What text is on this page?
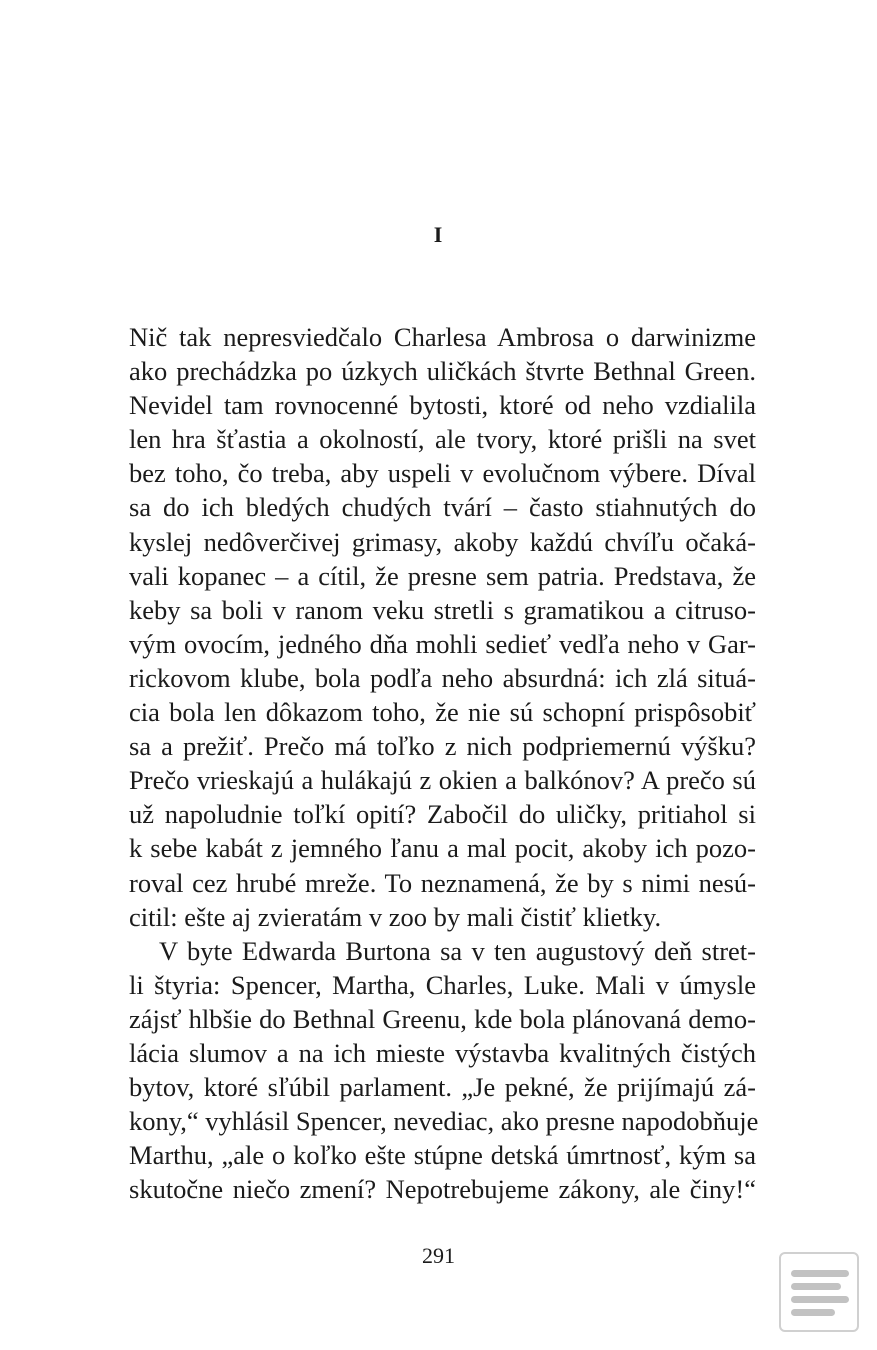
I
Nič tak nepresviedčalo Charlesa Ambrosa o darwinizme
ako prechádzka po úzkych uličkách štvrte Bethnal Green.
Nevidel tam rovnocenné bytosti, ktoré od neho vzdialila
len hra šťastia a okolností, ale tvory, ktoré prišli na svet
bez toho, čo treba, aby uspeli v evolučnom výbere. Díval
sa do ich bledých chudých tvárí – často stiahnutých do
kyslej nedôverčivej grimasy, akoby každú chvíľu očaká-
vali kopanec – a cítil, že presne sem patria. Predstava, že
keby sa boli v ranom veku stretli s gramatikou a citruso-
vým ovocím, jedného dňa mohli sedieť vedľa neho v Gar-
rickovom klube, bola podľa neho absurdná: ich zlá situá-
cia bola len dôkazom toho, že nie sú schopní prispôsobiť
sa a prežiť. Prečo má toľko z nich podpriemernú výšku?
Prečo vrieskajú a hulákajú z okien a balkónov? A prečo sú
už napoludnie toľkí opití? Zabočil do uličky, pritiahol si
k sebe kabát z jemného ľanu a mal pocit, akoby ich pozo-
roval cez hrubé mreže. To neznamená, že by s nimi nesú-
citil: ešte aj zvieratám v zoo by mali čistiť klietky.
V byte Edwarda Burtona sa v ten augustový deň stret-
li štyria: Spencer, Martha, Charles, Luke. Mali v úmysle
zájsť hlbšie do Bethnal Greenu, kde bola plánovaná demo-
lácia slumov a na ich mieste výstavba kvalitných čistých
bytov, ktoré sľúbil parlament. „Je pekné, že prijímajú zá-
kony,“ vyhlásil Spencer, nevediac, ako presne napodobňuje
Marthu, „ale o koľko ešte stúpne detská úmrtnosť, kým sa
skutočne niečo zmení? Nepotrebujeme zákony, ale činy!“
291
